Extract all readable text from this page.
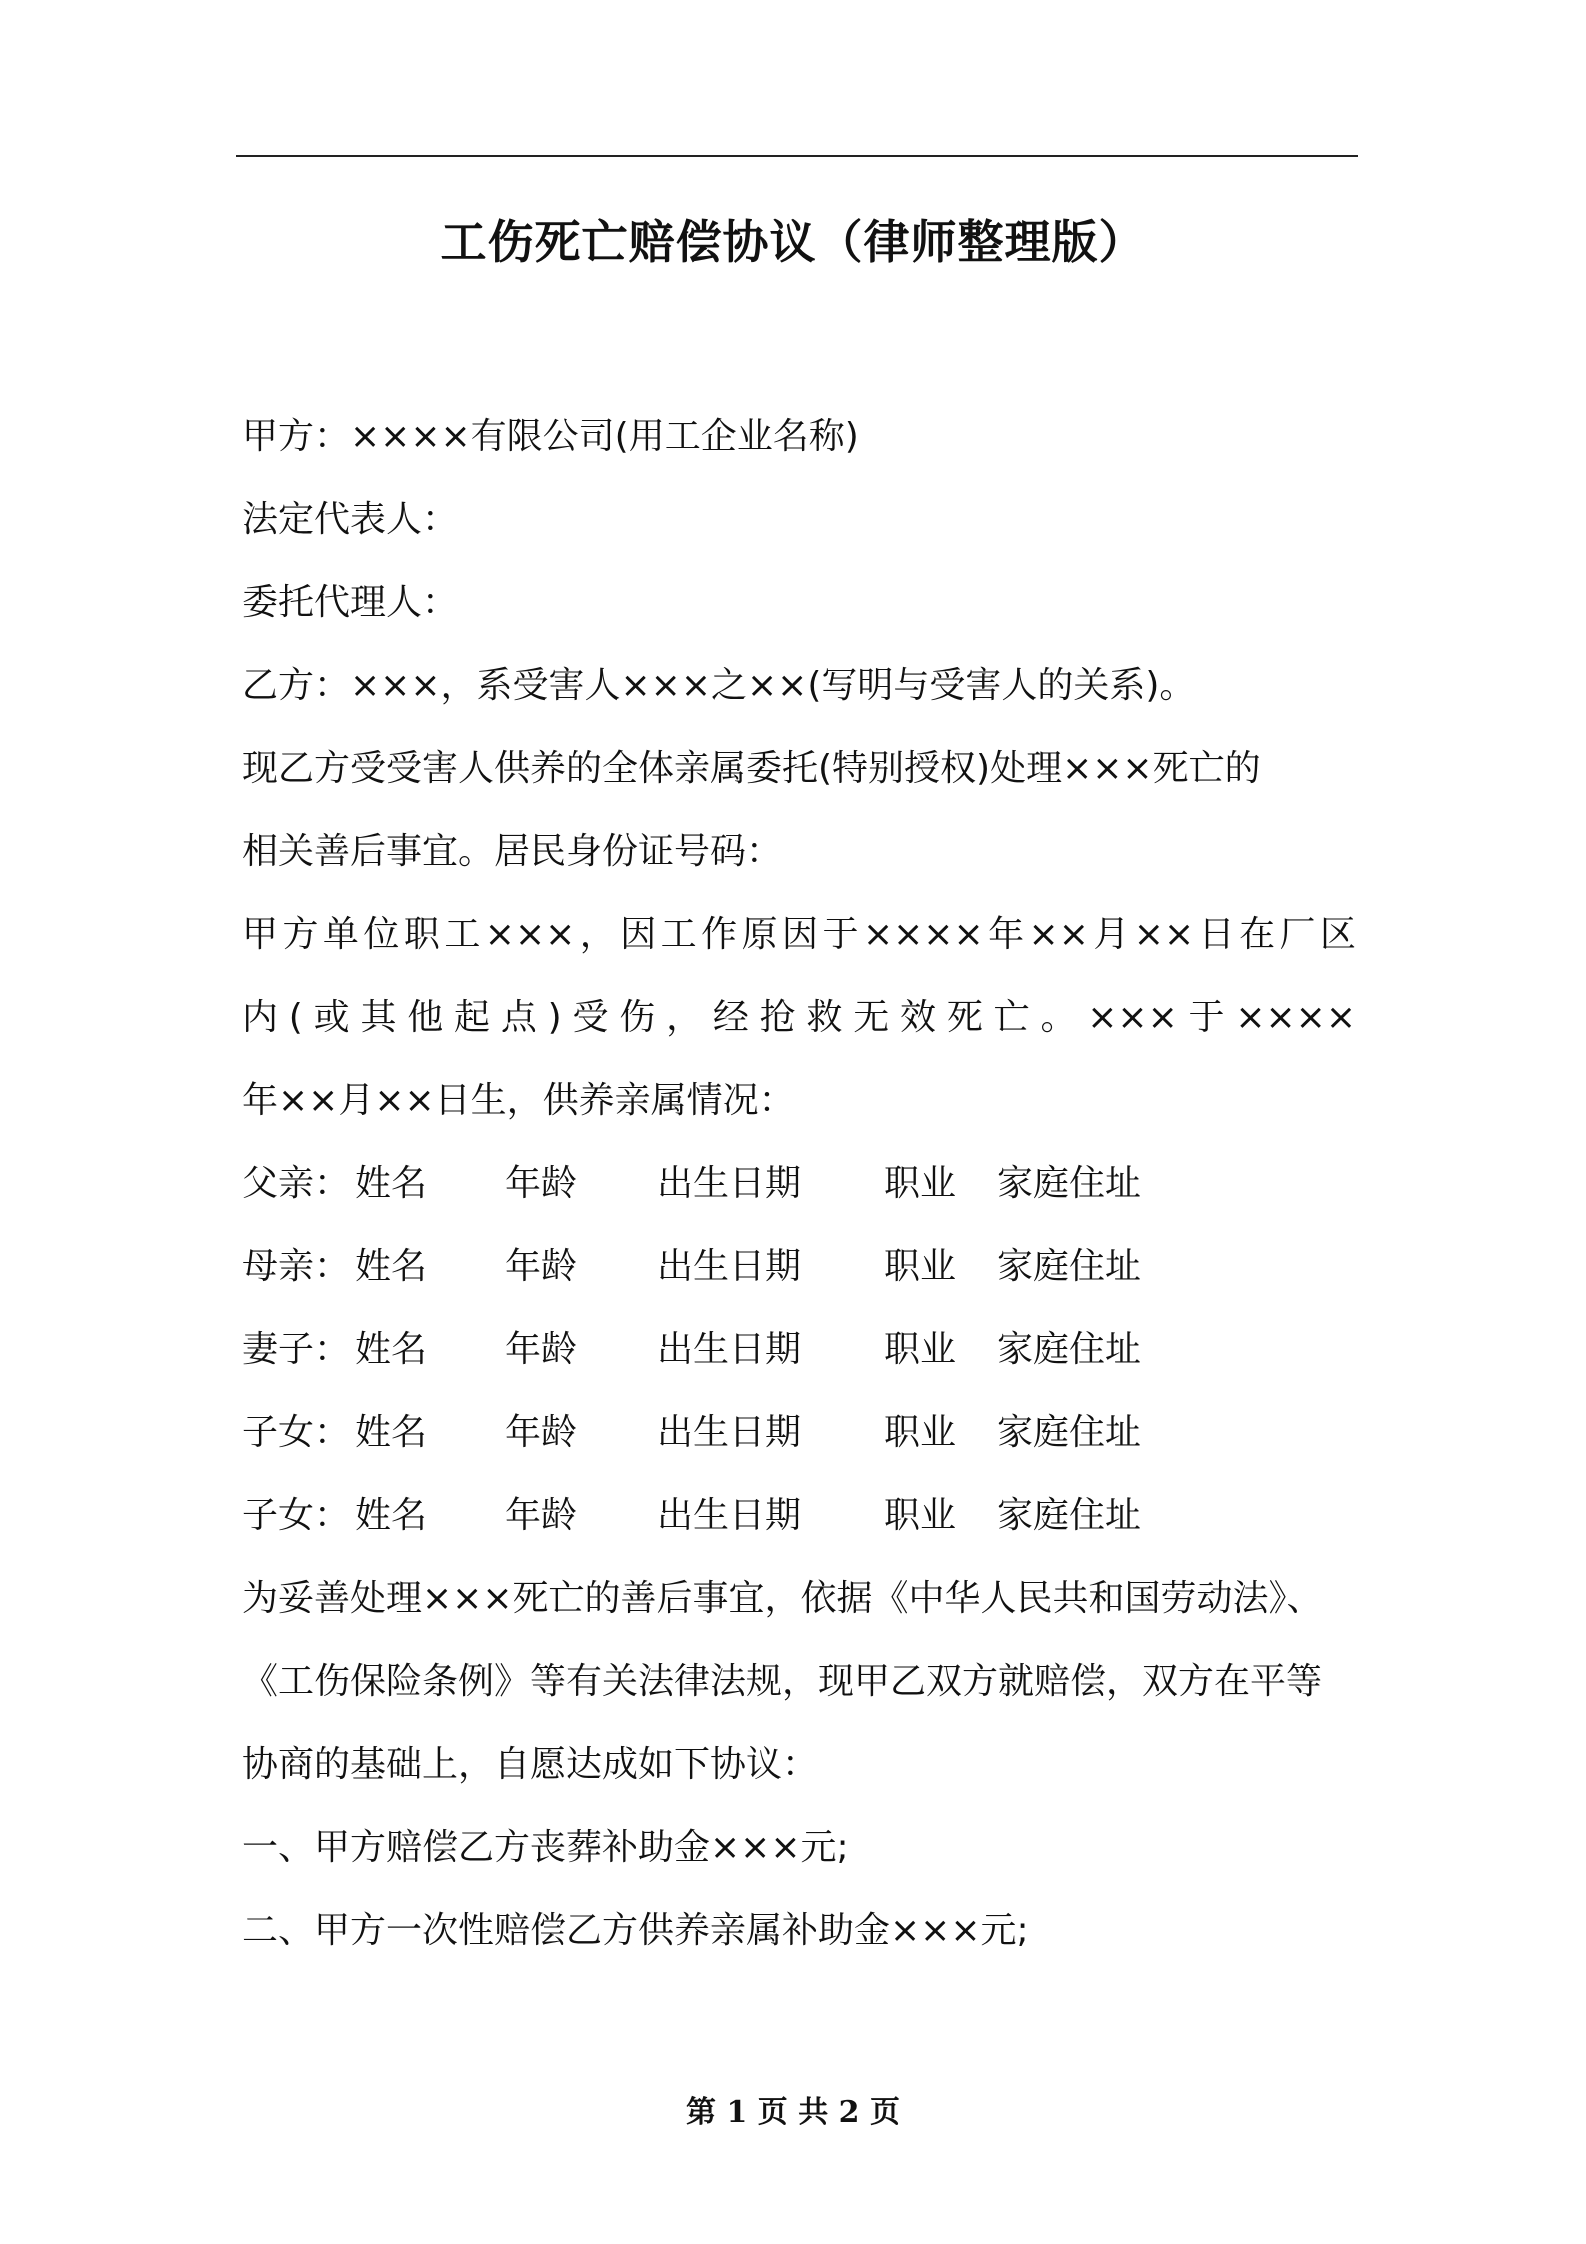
工伤死亡赔偿协议（律师整理版）
甲方：××××有限公司(用工企业名称)
法定代表人：
委托代理人：
乙方：×××，系受害人×××之××(写明与受害人的关系)。
现乙方受受害人供养的全体亲属委托(特别授权)处理×××死亡的
相关善后事宜。居民身份证号码：
甲方单位职工×××，因工作原因于××××年××月××日在厂区
内(或其他起点)受伤，经抢救无效死亡。×××于××××
年××月××日生，供养亲属情况：
父亲： 姓名 年龄 出生日期 职业 家庭住址
母亲： 姓名 年龄 出生日期 职业 家庭住址
妻子： 姓名 年龄 出生日期 职业 家庭住址
子女： 姓名 年龄 出生日期 职业 家庭住址
子女： 姓名 年龄 出生日期 职业 家庭住址
为妥善处理×××死亡的善后事宜，依据《中华人民共和国劳动法》、
《工伤保险条例》等有关法律法规，现甲乙双方就赔偿，双方在平等
协商的基础上，自愿达成如下协议：
一、甲方赔偿乙方丧葬补助金×××元;
二、甲方一次性赔偿乙方供养亲属补助金×××元;
第 1 页 共 2 页
